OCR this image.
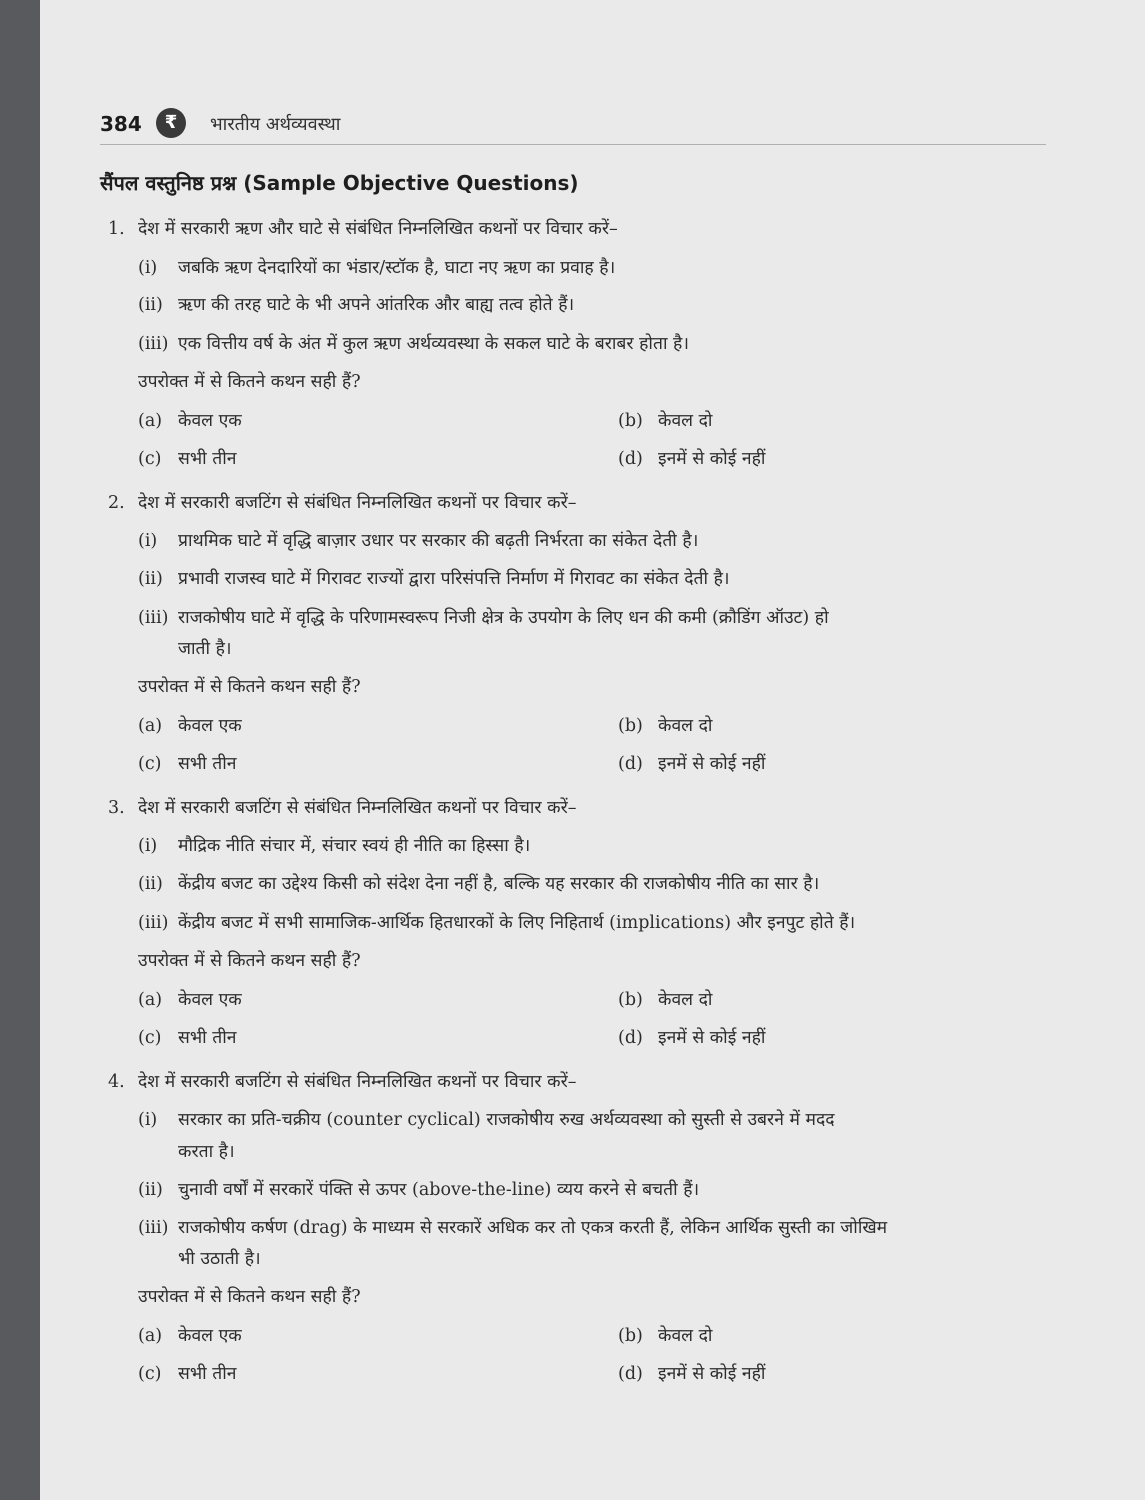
384	₹	भारतीय अर्थव्यवस्था
सैंपल वस्तुनिष्ठ प्रश्न (Sample Objective Questions)
1. देश में सरकारी ऋण और घाटे से संबंधित निम्नलिखित कथनों पर विचार करें–
(i) जबकि ऋण देनदारियों का भंडार/स्टॉक है, घाटा नए ऋण का प्रवाह है।
(ii) ऋण की तरह घाटे के भी अपने आंतरिक और बाह्य तत्व होते हैं।
(iii) एक वित्तीय वर्ष के अंत में कुल ऋण अर्थव्यवस्था के सकल घाटे के बराबर होता है।
उपरोक्त में से कितने कथन सही हैं?
(a) केवल एक	(b) केवल दो
(c) सभी तीन	(d) इनमें से कोई नहीं
2. देश में सरकारी बजटिंग से संबंधित निम्नलिखित कथनों पर विचार करें–
(i) प्राथमिक घाटे में वृद्धि बाज़ार उधार पर सरकार की बढ़ती निर्भरता का संकेत देती है।
(ii) प्रभावी राजस्व घाटे में गिरावट राज्यों द्वारा परिसंपत्ति निर्माण में गिरावट का संकेत देती है।
(iii) राजकोषीय घाटे में वृद्धि के परिणामस्वरूप निजी क्षेत्र के उपयोग के लिए धन की कमी (क्रौडिंग ऑउट) हो
जाती है।
उपरोक्त में से कितने कथन सही हैं?
(a) केवल एक	(b) केवल दो
(c) सभी तीन	(d) इनमें से कोई नहीं
3. देश में सरकारी बजटिंग से संबंधित निम्नलिखित कथनों पर विचार करें–
(i) मौद्रिक नीति संचार में, संचार स्वयं ही नीति का हिस्सा है।
(ii) केंद्रीय बजट का उद्देश्य किसी को संदेश देना नहीं है, बल्कि यह सरकार की राजकोषीय नीति का सार है।
(iii) केंद्रीय बजट में सभी सामाजिक-आर्थिक हितधारकों के लिए निहितार्थ (implications) और इनपुट होते हैं।
उपरोक्त में से कितने कथन सही हैं?
(a) केवल एक	(b) केवल दो
(c) सभी तीन	(d) इनमें से कोई नहीं
4. देश में सरकारी बजटिंग से संबंधित निम्नलिखित कथनों पर विचार करें–
(i) सरकार का प्रति-चक्रीय (counter cyclical) राजकोषीय रुख अर्थव्यवस्था को सुस्ती से उबरने में मदद
करता है।
(ii) चुनावी वर्षों में सरकारें पंक्ति से ऊपर (above-the-line) व्यय करने से बचती हैं।
(iii) राजकोषीय कर्षण (drag) के माध्यम से सरकारें अधिक कर तो एकत्र करती हैं, लेकिन आर्थिक सुस्ती का जोखिम
भी उठाती है।
उपरोक्त में से कितने कथन सही हैं?
(a) केवल एक	(b) केवल दो
(c) सभी तीन	(d) इनमें से कोई नहीं
